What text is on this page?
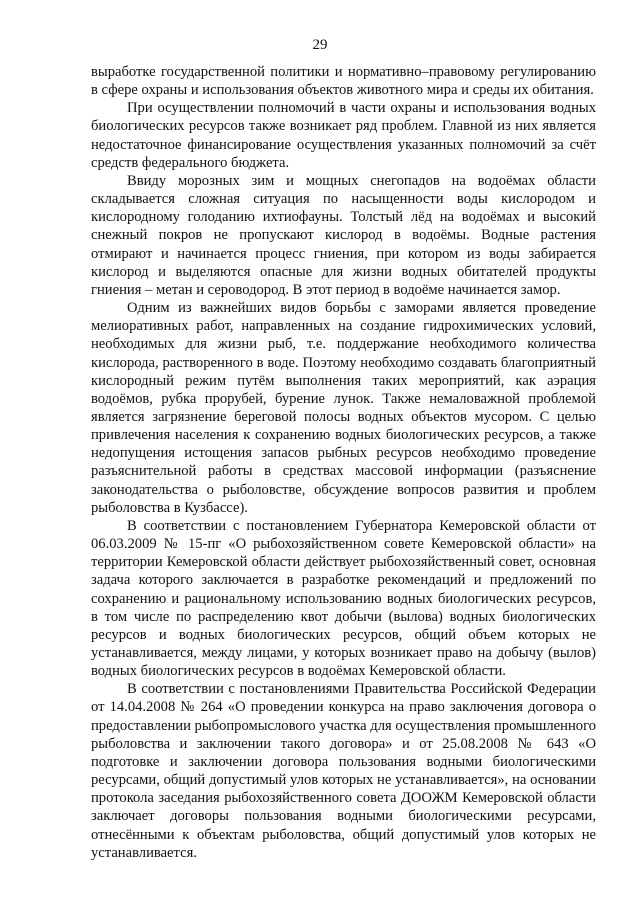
29

выработке государственной политики и нормативно–правовому регулированию в сфере охраны и использования объектов животного мира и среды их обитания.

При осуществлении полномочий в части охраны и использования водных биологических ресурсов также возникает ряд проблем. Главной из них является недостаточное финансирование осуществления указанных полномочий за счёт средств федерального бюджета.

Ввиду морозных зим и мощных снегопадов на водоёмах области складывается сложная ситуация по насыщенности воды кислородом и кислородному голоданию ихтиофауны. Толстый лёд на водоёмах и высокий снежный покров не пропускают кислород в водоёмы. Водные растения отмирают и начинается процесс гниения, при котором из воды забирается кислород и выделяются опасные для жизни водных обитателей продукты гниения – метан и сероводород. В этот период в водоёме начинается замор.

Одним из важнейших видов борьбы с заморами является проведение мелиоративных работ, направленных на создание гидрохимических условий, необходимых для жизни рыб, т.е. поддержание необходимого количества кислорода, растворенного в воде. Поэтому необходимо создавать благоприятный кислородный режим путём выполнения таких мероприятий, как аэрация водоёмов, рубка прорубей, бурение лунок. Также немаловажной проблемой является загрязнение береговой полосы водных объектов мусором. С целью привлечения населения к сохранению водных биологических ресурсов, а также недопущения истощения запасов рыбных ресурсов необходимо проведение разъяснительной работы в средствах массовой информации (разъяснение законодательства о рыболовстве, обсуждение вопросов развития и проблем рыболовства в Кузбассе).

В соответствии с постановлением Губернатора Кемеровской области от 06.03.2009 № 15-пг «О рыбохозяйственном совете Кемеровской области» на территории Кемеровской области действует рыбохозяйственный совет, основная задача которого заключается в разработке рекомендаций и предложений по сохранению и рациональному использованию водных биологических ресурсов, в том числе по распределению квот добычи (вылова) водных биологических ресурсов и водных биологических ресурсов, общий объем которых не устанавливается, между лицами, у которых возникает право на добычу (вылов) водных биологических ресурсов в водоёмах Кемеровской области.

В соответствии с постановлениями Правительства Российской Федерации от 14.04.2008 № 264 «О проведении конкурса на право заключения договора о предоставлении рыбопромыслового участка для осуществления промышленного рыболовства и заключении такого договора» и от 25.08.2008 № 643 «О подготовке и заключении договора пользования водными биологическими ресурсами, общий допустимый улов которых не устанавливается», на основании протокола заседания рыбохозяйственного совета ДООЖМ Кемеровской области заключает договоры пользования водными биологическими ресурсами, отнесёнными к объектам рыболовства, общий допустимый улов которых не устанавливается.
